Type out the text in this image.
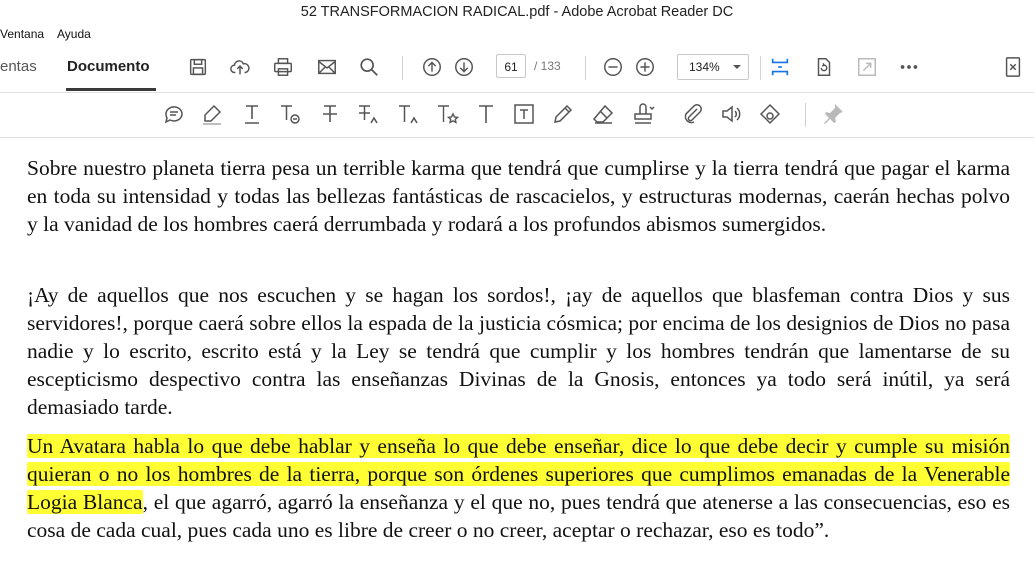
52 TRANSFORMACION RADICAL.pdf - Adobe Acrobat Reader DC
Ventana Ayuda
entas Documento	61	/ 133	134%

Sobre nuestro planeta tierra pesa un terrible karma que tendrá que cumplirse y la tierra tendrá que pagar el karma en toda su intensidad y todas las bellezas fantásticas de rascacielos, y estructuras modernas, caerán hechas polvo y la vanidad de los hombres caerá derrumbada y rodará a los profundos abismos sumergidos.

¡Ay de aquellos que nos escuchen y se hagan los sordos!, ¡ay de aquellos que blasfeman contra Dios y sus servidores!, porque caerá sobre ellos la espada de la justicia cósmica; por encima de los designios de Dios no pasa nadie y lo escrito, escrito está y la Ley se tendrá que cumplir y los hombres tendrán que lamentarse de su escepticismo despectivo contra las enseñanzas Divinas de la Gnosis, entonces ya todo será inútil, ya será demasiado tarde.

Un Avatara habla lo que debe hablar y enseña lo que debe enseñar, dice lo que debe decir y cumple su misión quieran o no los hombres de la tierra, porque son órdenes superiores que cumplimos emanadas de la Venerable Logia Blanca, el que agarró, agarró la enseñanza y el que no, pues tendrá que atenerse a las consecuencias, eso es cosa de cada cual, pues cada uno es libre de creer o no creer, aceptar o rechazar, eso es todo”.
